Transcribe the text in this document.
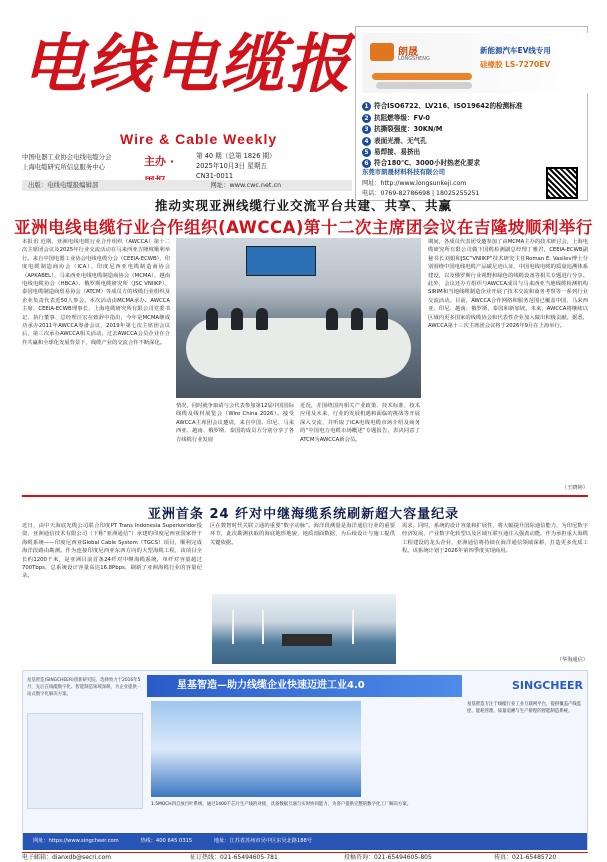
电线电缆报
Wire & Cable Weekly
中国电器工业协会电线电缆分会
上海电缆研究所信息服务中心	主办 ·	第 40 期（总第 1826 期）
2025年10月3日 星期五
CN31-0011
出版：电线电缆报编辑部	网址：www.cwc.net.cn
朗晟
LONGSHENG
新能源汽车EV线专用
硅橡胶 LS-7270EV
1 符合ISO6722、LV216、ISO19642的检测标准
2 抗阻燃等级：FV-0
3 抗撕裂强度：30KN/M
4 表面光滑、无气孔
5 易焊接、易挤出
6 符合180℃、3000小时热老化要求
东莞市朗晟材料科技有限公司
网址：http://www.longsunkeji.com
电话：0769-82786698 | 18025255251
推动实现亚洲线缆行业交流平台共建、共享、共赢
亚洲电线电缆行业合作组织(AWCCA)第十二次主席团会议在吉隆坡顺利举行
本报讯 近期，亚洲电线电缆行业合作组织（AWCCA）第十二次主席团会议及2025年行业交流活动在马来西亚吉隆坡顺利举行。来自中国电器工业协会电线电缆分会（CEEIA-ECWB）、印度电缆制造商协会（ICA）、印度尼西亚电缆制造商协会（APKABEL）、马来西亚电线电缆制造商协会（MCMA）、越南电线电缆协会（HBCA）、俄罗斯电缆研究所（JSC VNIIKP）、泰国电缆制造商贸易协会（ATCM）等成员方的线缆行业组织及企业负责代表近50人参会。本次活动由MCMA承办。AWCCA主席、CEEIA-ECWB理事长、上海电缆研究所有限公司党委书记、执行董事、总经理汪宏在致辞中指出，今年是MCMA继成功承办2011年AWCCA筹备会议、2019年第七次主席团会议后，第三次承办AWCCA相关活动。过去AWCCA会员企业在合作共赢和全球化发展背景下，线缆产业的交流合作不断深化。
情况，同时就争取请与会代表参加第12届中国国际线缆及线材展览会（Wire China 2026）。接受AWCCA主席团会议邀请，来自中国、印尼、马来西亚、越南、俄罗斯、泰国的成员方分别分享了各方线缆行业发展
近况，并围绕国内相关产业政策、技术标准、技术应用及未来、行业的发展机遇和面临的挑战等开展深入交流，并听取了ICA电线电缆市场介绍及商务的“中国电力电缆市场概述”专题报告，表决同意了ATCM为AWCCA新会员。
期间，各成员代表团受邀参加了由MCMA主办的技术研讨会，上海电缆研究所有限公司做下国缆检测副总经理丁雅君，CEEIA-ECWB副秘书长刘娟和JSC“VNIIKP”技术研究主任Roman E. Vasilev博士分别围绕中国电线电缆产品碳足迹认证、中国电线电缆的质量追溯体系建设，以及俄罗斯行业视野和绿色的线缆设备等相关专题进行分享。此外，会议还办方组织与AWCCA成员与马来西亚当地线缆检测机构SIRIM和当地线缆制造企业开展了技术交流和商务考察等一系列行业交流活动。目前，AWCCA合作网络和服务范围已覆盖中国、马来西亚、印尼、越南、俄罗斯、泰国和新加坡。未来，AWCCA将继续以区域内更多国家的线缆协会和代表性企业加入做出积极贡献。据悉，AWCCA第十三次主席团会议将于2026年9月在上海举行。
（王晓婷）
亚洲首条 24 纤对中继海缆系统刷新超大容量纪录
近日，由中天海底光缆公司联合印度PT Trans Indonesia Superkoridor投资，亚洲通信技术有限公司（下称“亚洲通信”）承建的印度尼西亚国家骨干海缆系统——印度尼西亚Global Cable System（TGCS）项目，顺利完成海洋段路由勘测。作为连接印度尼西亚东西方向的大型海缆工程，该项目全长约1200千米，是亚洲目前首条24纤对中继海缆系统，单纤对容量超过700Tbps，总系统设计容量高达16.8Pbps，刷新了亚洲海缆行业的容量纪录。
区在数智时代关联立通的重要“数字动脉”。海洋段测量是海洋通信行业的重要环节，此次勘测获取的海底地形地貌、地质剖面数据，为后续设计与施工提供关键依据。
需求。同时，系统的设计容量和扩展性，将大幅提升国际通信能力，为印尼数字经济发展、产业数字化转型以及区域互联互通注入强劲动能。作为承担重大海缆工程建设的龙头企业，亚洲通信将持续在海洋通信领域深耕，打造更多优质工程。该系统计划于2026年第四季度实现商用。
（华海通信）
星基智造(SINGCHEER)创新研究院，选择致力于2016年5月，先后在线缆数字化、智能制造领域深耕，为企业提供一站式数字化解决方案。
星基智造—助力线缆企业快速迈进工业4.0	SINGCHEER
1.5MOCH四自放百叶系统，通过1400千芯片生产线的对接，具备数据互通与实时协同能力，为客户提供完整的数字化工厂解决方案。
星基智造专注于线缆行业工业互联网平台，提供覆盖产线监控、能耗管理、质量追溯与生产排程的智能制造系统。
网址：https://www.singcheer.com	热线：400 645 0315	地址：江苏省苏州市吴中区东吴北路188号
电子邮箱：dianxdb@secri.com	征订热线：021-65494605-781	投稿咨询：021-65494605-805	传真：021-65485720
